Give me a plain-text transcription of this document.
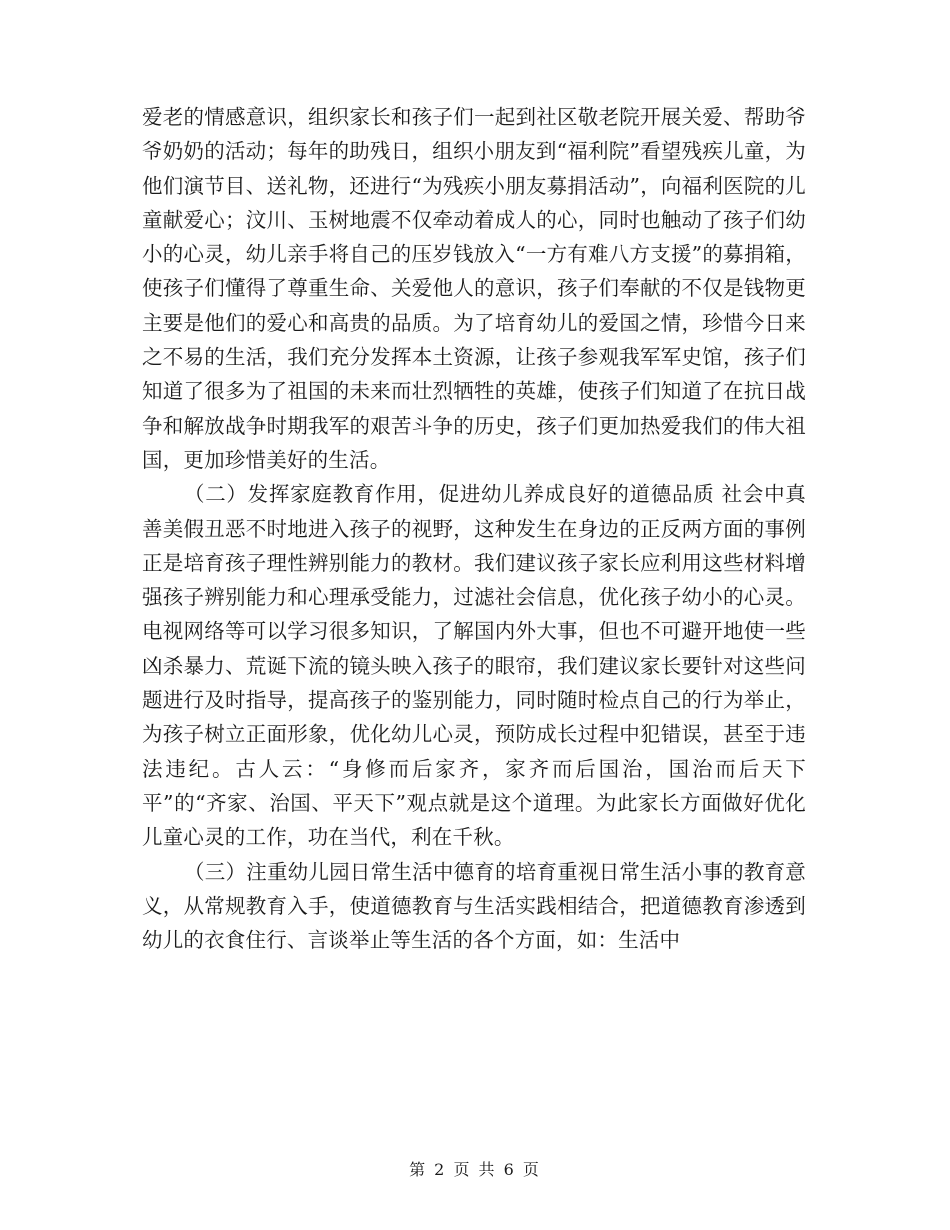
爱老的情感意识，组织家长和孩子们一起到社区敬老院开展关爱、帮助爷爷奶奶的活动；每年的助残日，组织小朋友到“福利院”看望残疾儿童，为他们演节目、送礼物，还进行“为残疾小朋友募捐活动”，向福利医院的儿童献爱心；汶川、玉树地震不仅牵动着成人的心，同时也触动了孩子们幼小的心灵，幼儿亲手将自己的压岁钱放入“一方有难八方支援”的募捐箱，使孩子们懂得了尊重生命、关爱他人的意识，孩子们奉献的不仅是钱物更主要是他们的爱心和高贵的品质。为了培育幼儿的爱国之情，珍惜今日来之不易的生活，我们充分发挥本土资源，让孩子参观我军军史馆，孩子们知道了很多为了祖国的未来而壮烈牺牲的英雄，使孩子们知道了在抗日战争和解放战争时期我军的艰苦斗争的历史，孩子们更加热爱我们的伟大祖国，更加珍惜美好的生活。

（二）发挥家庭教育作用，促进幼儿养成良好的道德品质 社会中真善美假丑恶不时地进入孩子的视野，这种发生在身边的正反两方面的事例正是培育孩子理性辨别能力的教材。我们建议孩子家长应利用这些材料增强孩子辨别能力和心理承受能力，过滤社会信息，优化孩子幼小的心灵。电视网络等可以学习很多知识，了解国内外大事，但也不可避开地使一些凶杀暴力、荒诞下流的镜头映入孩子的眼帘，我们建议家长要针对这些问题进行及时指导，提高孩子的鉴别能力，同时随时检点自己的行为举止，为孩子树立正面形象，优化幼儿心灵，预防成长过程中犯错误，甚至于违法违纪。古人云：“身修而后家齐，家齐而后国治，国治而后天下平”的“齐家、治国、平天下”观点就是这个道理。为此家长方面做好优化儿童心灵的工作，功在当代，利在千秋。

（三）注重幼儿园日常生活中德育的培育重视日常生活小事的教育意义，从常规教育入手，使道德教育与生活实践相结合，把道德教育渗透到幼儿的衣食住行、言谈举止等生活的各个方面，如：生活中

第 2 页 共 6 页
